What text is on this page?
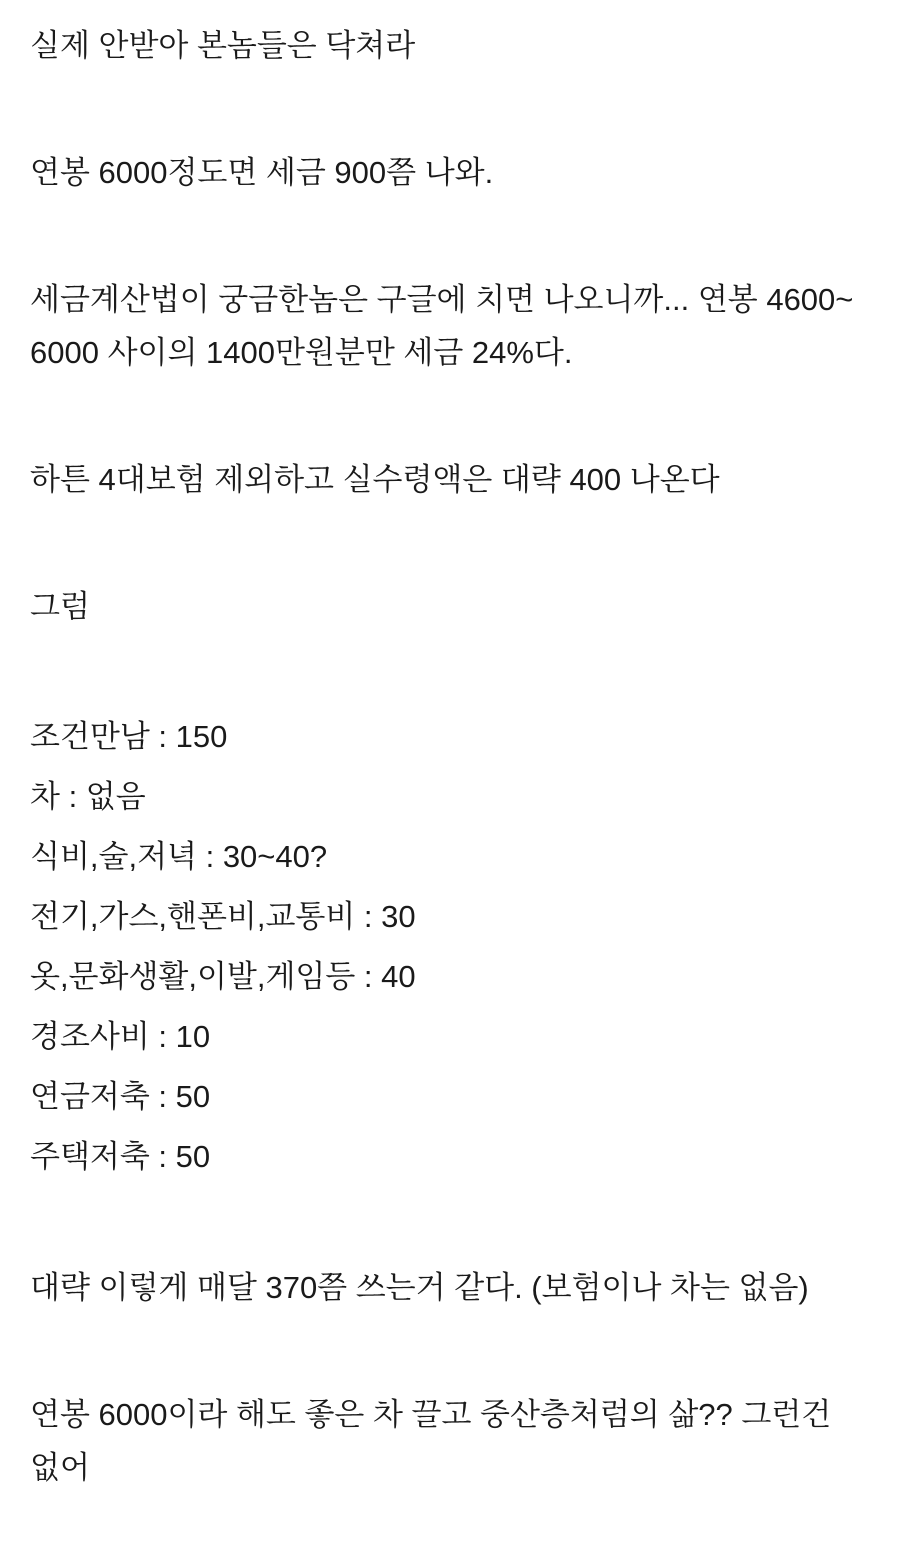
실제 안받아 본놈들은 닥쳐라

연봉 6000정도면 세금 900쯤 나와.

세금계산법이 궁금한놈은 구글에 치면 나오니까... 연봉 4600~6000 사이의 1400만원분만 세금 24%다.

하튼 4대보험 제외하고 실수령액은 대략 400 나온다

그럼

조건만남 : 150

차 : 없음

식비,술,저녁 : 30~40?

전기,가스,핸폰비,교통비 : 30

옷,문화생활,이발,게임등 : 40

경조사비 : 10

연금저축 : 50

주택저축 : 50

대략 이렇게 매달 370쯤 쓰는거 같다. (보험이나 차는 없음)

연봉 6000이라 해도 좋은 차 끌고 중산층처럼의 삶?? 그런건 없어
